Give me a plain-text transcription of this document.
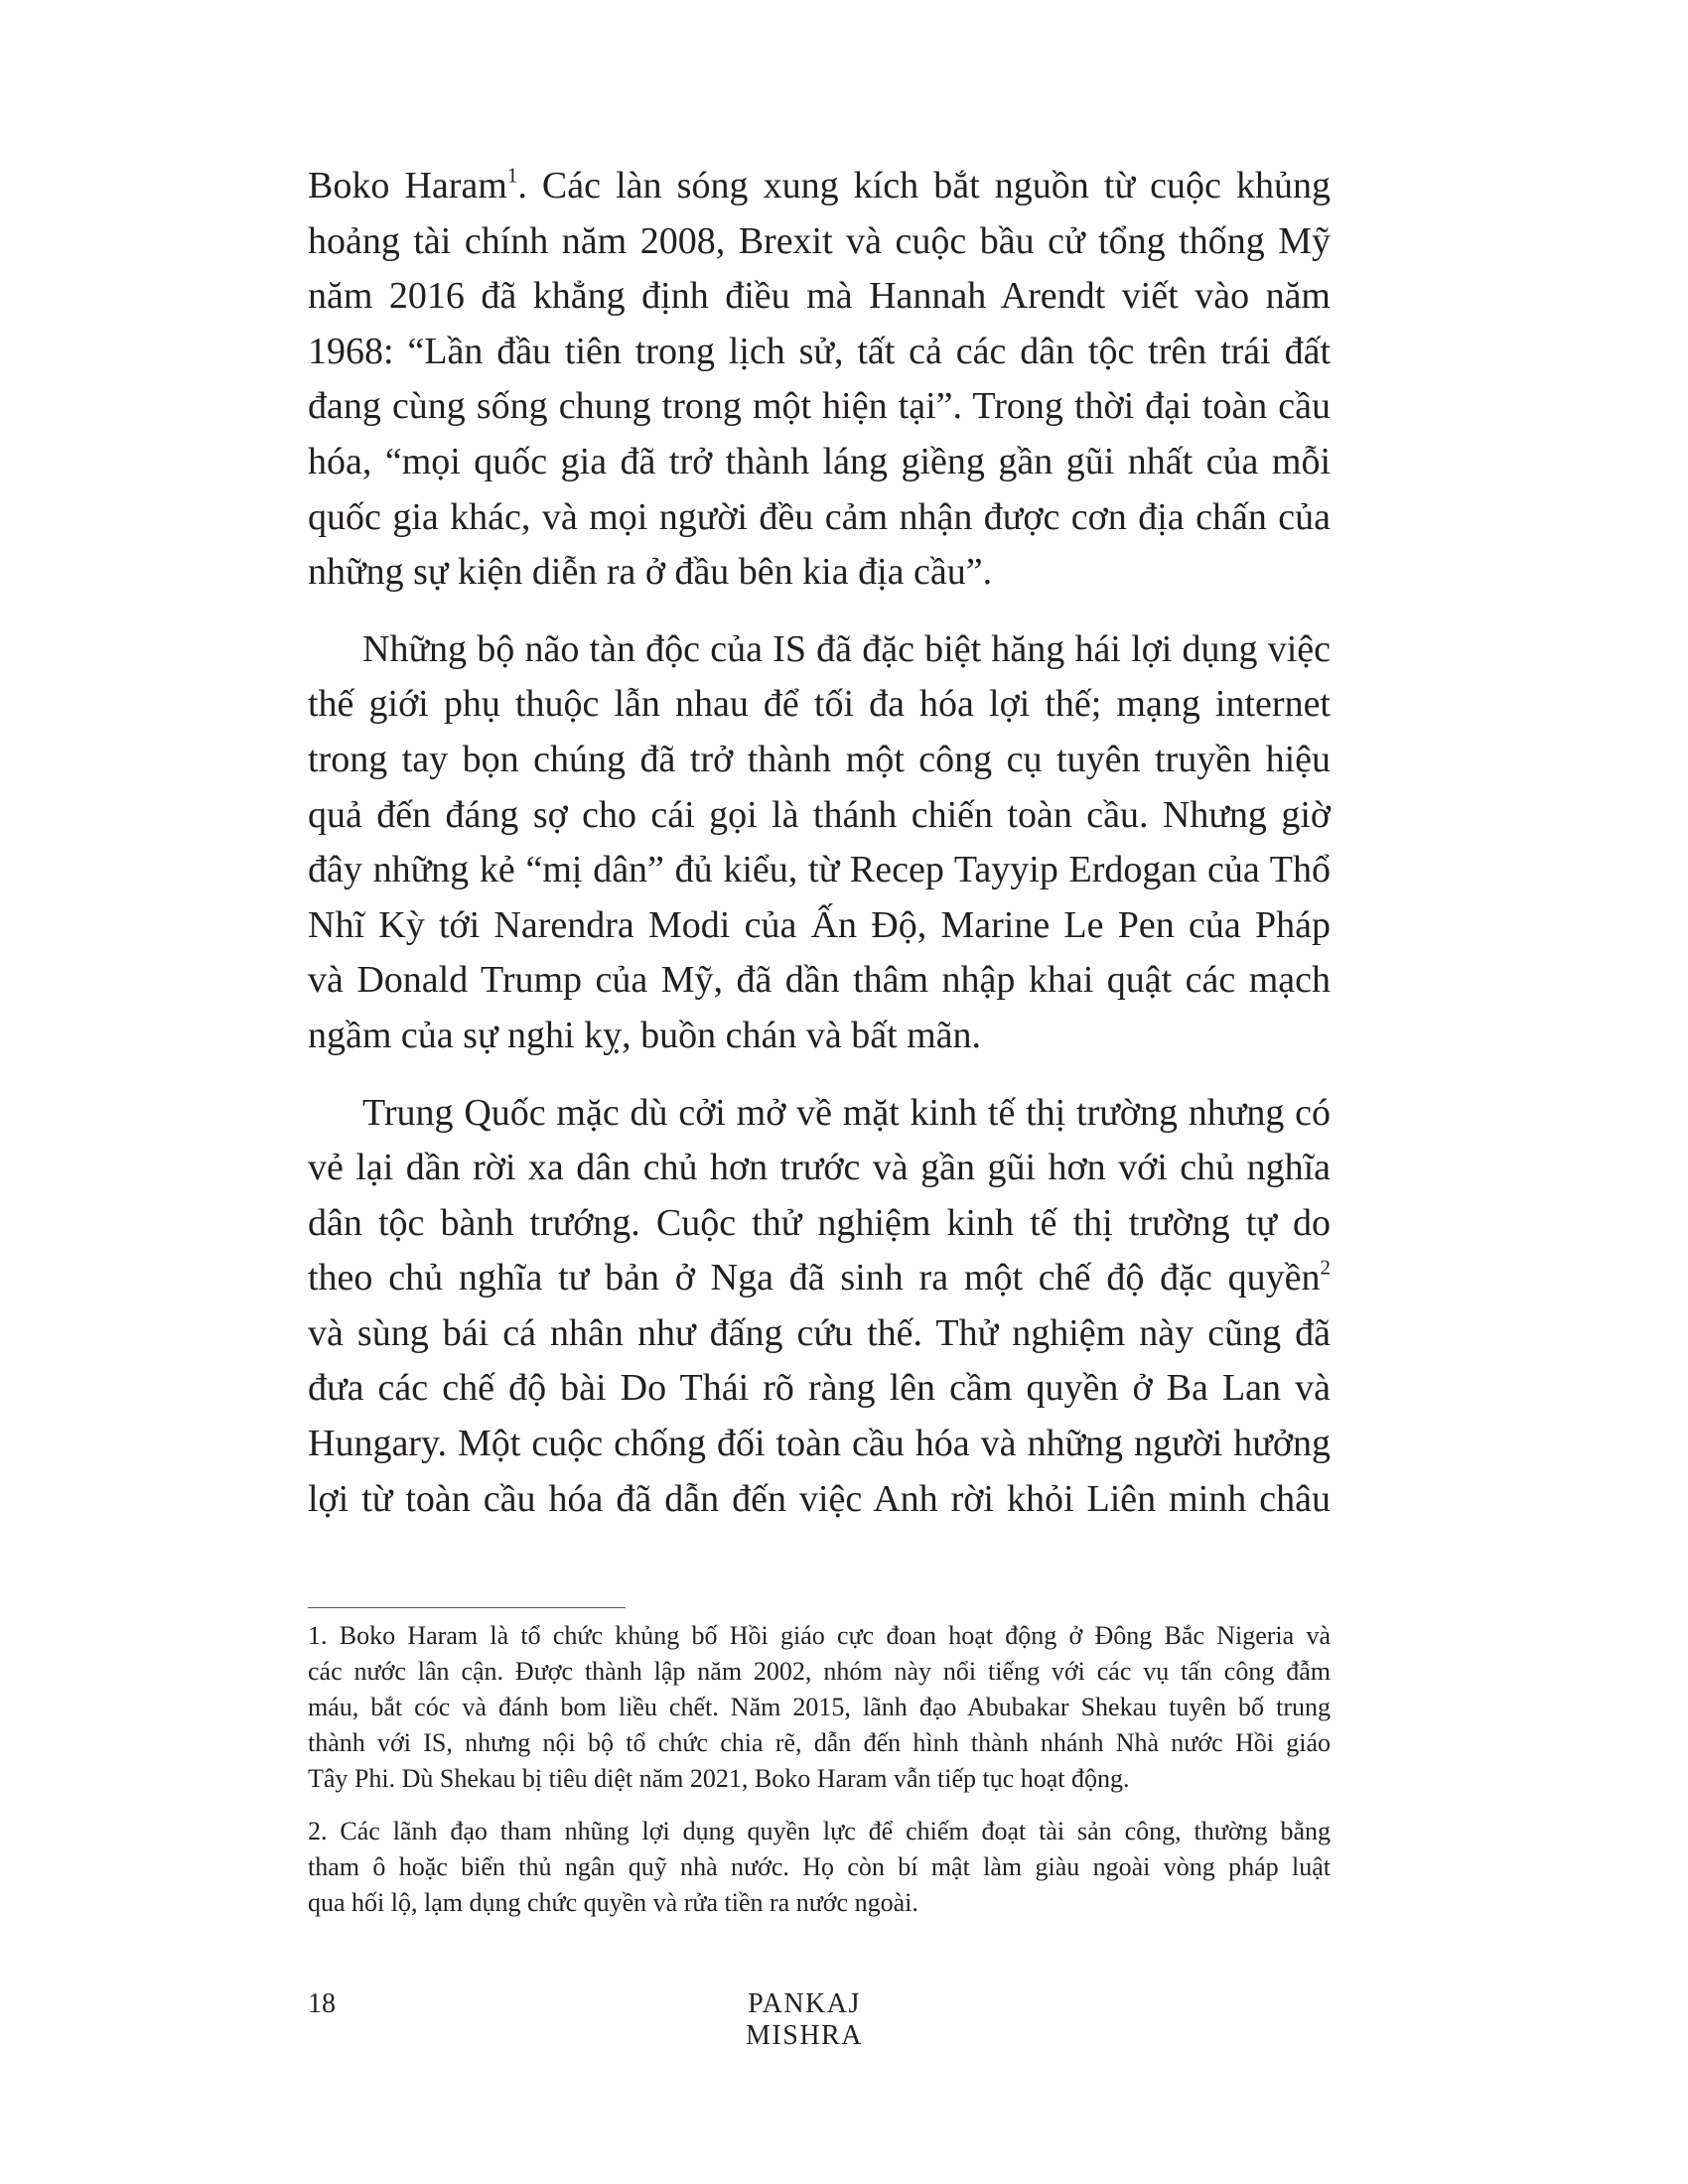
Boko Haram$^1$. Các làn sóng xung kích bắt nguồn từ cuộc khủng
hoảng tài chính năm 2008, Brexit và cuộc bầu cử tổng thống Mỹ
năm 2016 đã khẳng định điều mà Hannah Arendt viết vào năm
1968: “Lần đầu tiên trong lịch sử, tất cả các dân tộc trên trái đất
đang cùng sống chung trong một hiện tại”. Trong thời đại toàn cầu
hóa, “mọi quốc gia đã trở thành láng giềng gần gũi nhất của mỗi
quốc gia khác, và mọi người đều cảm nhận được cơn địa chấn của
những sự kiện diễn ra ở đầu bên kia địa cầu”.
Những bộ não tàn độc của IS đã đặc biệt hăng hái lợi dụng việc
thế giới phụ thuộc lẫn nhau để tối đa hóa lợi thế; mạng internet
trong tay bọn chúng đã trở thành một công cụ tuyên truyền hiệu
quả đến đáng sợ cho cái gọi là thánh chiến toàn cầu. Nhưng giờ
đây những kẻ “mị dân” đủ kiểu, từ Recep Tayyip Erdogan của Thổ
Nhĩ Kỳ tới Narendra Modi của Ấn Độ, Marine Le Pen của Pháp
và Donald Trump của Mỹ, đã dần thâm nhập khai quật các mạch
ngầm của sự nghi kỵ, buồn chán và bất mãn.
Trung Quốc mặc dù cởi mở về mặt kinh tế thị trường nhưng có
vẻ lại dần rời xa dân chủ hơn trước và gần gũi hơn với chủ nghĩa
dân tộc bành trướng. Cuộc thử nghiệm kinh tế thị trường tự do
theo chủ nghĩa tư bản ở Nga đã sinh ra một chế độ đặc quyền$^2$
và sùng bái cá nhân như đấng cứu thế. Thử nghiệm này cũng đã
đưa các chế độ bài Do Thái rõ ràng lên cầm quyền ở Ba Lan và
Hungary. Một cuộc chống đối toàn cầu hóa và những người hưởng
lợi từ toàn cầu hóa đã dẫn đến việc Anh rời khỏi Liên minh châu
1. Boko Haram là tổ chức khủng bố Hồi giáo cực đoan hoạt động ở Đông Bắc Nigeria và
các nước lân cận. Được thành lập năm 2002, nhóm này nổi tiếng với các vụ tấn công đẫm
máu, bắt cóc và đánh bom liều chết. Năm 2015, lãnh đạo Abubakar Shekau tuyên bố trung
thành với IS, nhưng nội bộ tổ chức chia rẽ, dẫn đến hình thành nhánh Nhà nước Hồi giáo
Tây Phi. Dù Shekau bị tiêu diệt năm 2021, Boko Haram vẫn tiếp tục hoạt động.
2. Các lãnh đạo tham nhũng lợi dụng quyền lực để chiếm đoạt tài sản công, thường bằng
tham ô hoặc biển thủ ngân quỹ nhà nước. Họ còn bí mật làm giàu ngoài vòng pháp luật
qua hối lộ, lạm dụng chức quyền và rửa tiền ra nước ngoài.
18	PANKAJ MISHRA
